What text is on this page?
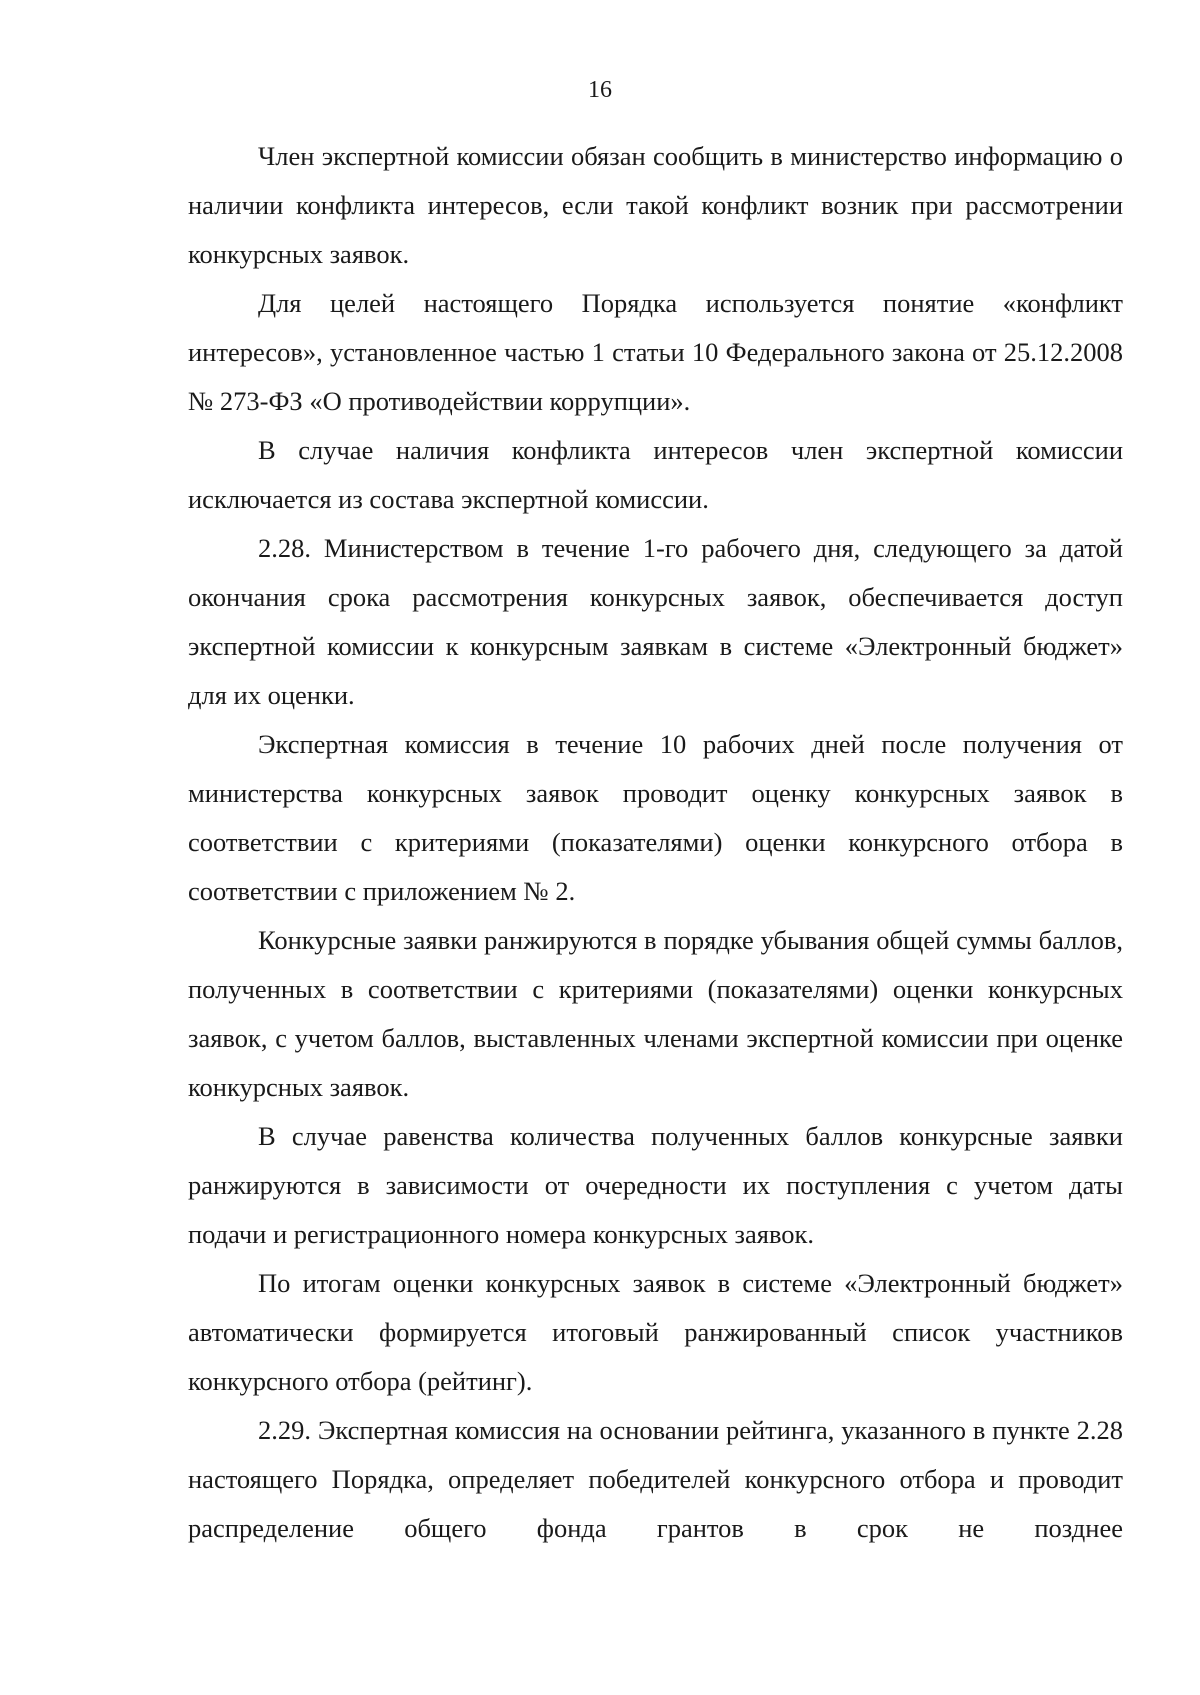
16

Член экспертной комиссии обязан сообщить в министерство информацию о наличии конфликта интересов, если такой конфликт возник при рассмотрении конкурсных заявок.

Для целей настоящего Порядка используется понятие «конфликт интересов», установленное частью 1 статьи 10 Федерального закона от 25.12.2008 № 273-ФЗ «О противодействии коррупции».

В случае наличия конфликта интересов член экспертной комиссии исключается из состава экспертной комиссии.

2.28. Министерством в течение 1-го рабочего дня, следующего за датой окончания срока рассмотрения конкурсных заявок, обеспечивается доступ экспертной комиссии к конкурсным заявкам в системе «Электронный бюджет» для их оценки.

Экспертная комиссия в течение 10 рабочих дней после получения от министерства конкурсных заявок проводит оценку конкурсных заявок в соответствии с критериями (показателями) оценки конкурсного отбора в соответствии с приложением № 2.

Конкурсные заявки ранжируются в порядке убывания общей суммы баллов, полученных в соответствии с критериями (показателями) оценки конкурсных заявок, с учетом баллов, выставленных членами экспертной комиссии при оценке конкурсных заявок.

В случае равенства количества полученных баллов конкурсные заявки ранжируются в зависимости от очередности их поступления с учетом даты подачи и регистрационного номера конкурсных заявок.

По итогам оценки конкурсных заявок в системе «Электронный бюджет» автоматически формируется итоговый ранжированный список участников конкурсного отбора (рейтинг).

2.29. Экспертная комиссия на основании рейтинга, указанного в пункте 2.28 настоящего Порядка, определяет победителей конкурсного отбора и проводит распределение общего фонда грантов в срок не позднее
